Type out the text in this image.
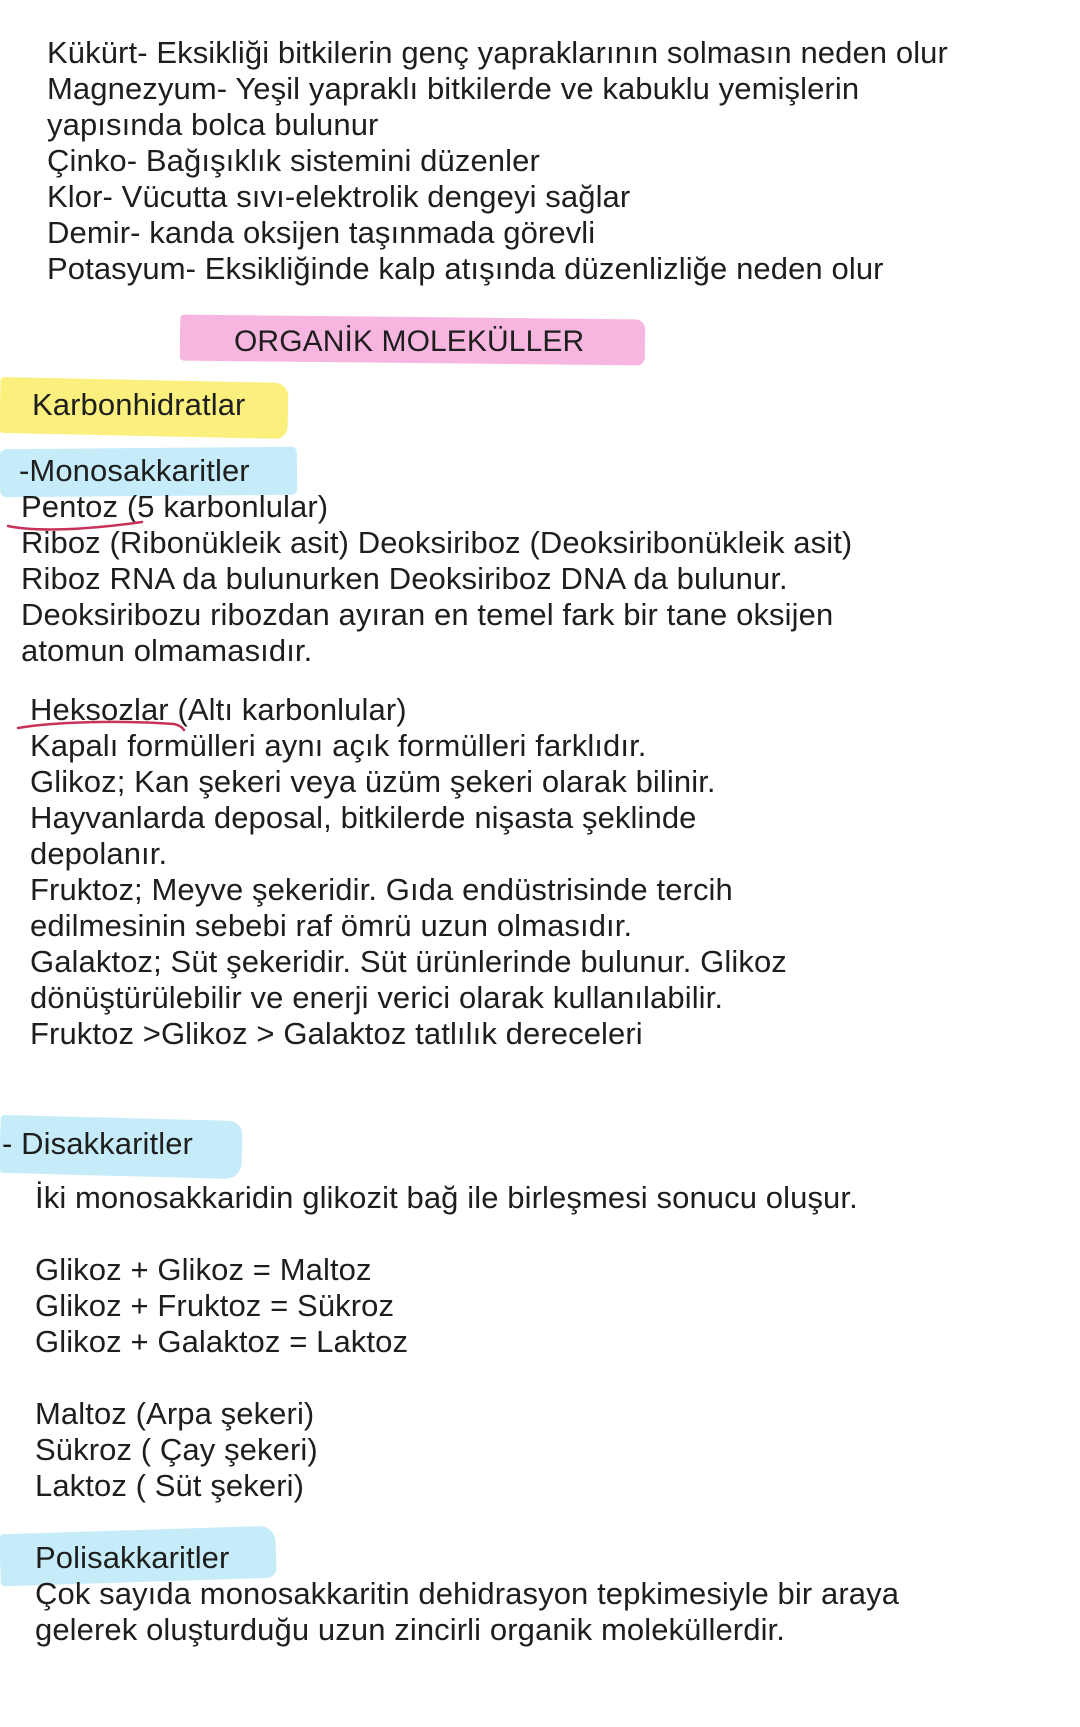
Kükürt- Eksikliği bitkilerin genç yapraklarının solmasın neden olur
Magnezyum- Yeşil yapraklı bitkilerde ve kabuklu yemişlerin
yapısında bolca bulunur
Çinko- Bağışıklık sistemini düzenler
Klor- Vücutta sıvı-elektrolik dengeyi sağlar
Demir- kanda oksijen taşınmada görevli
Potasyum- Eksikliğinde kalp atışında düzenlizliğe neden olur
ORGANİK MOLEKÜLLER
Karbonhidratlar
-Monosakkaritler
Pentoz (5 karbonlular)
Riboz (Ribonükleik asit) Deoksiriboz (Deoksiribonükleik asit)
Riboz RNA da bulunurken Deoksiriboz DNA da bulunur.
Deoksiribozu ribozdan ayıran en temel fark bir tane oksijen
atomun olmamasıdır.
Heksozlar (Altı karbonlular)
Kapalı formülleri aynı açık formülleri farklıdır.
Glikoz; Kan şekeri veya üzüm şekeri olarak bilinir.
Hayvanlarda deposal, bitkilerde nişasta şeklinde
depolanır.
Fruktoz; Meyve şekeridir. Gıda endüstrisinde tercih
edilmesinin sebebi raf ömrü uzun olmasıdır.
Galaktoz; Süt şekeridir. Süt ürünlerinde bulunur. Glikoz
dönüştürülebilir ve enerji verici olarak kullanılabilir.
Fruktoz >Glikoz > Galaktoz tatlılık dereceleri
- Disakkaritler
İki monosakkaridin glikozit bağ ile birleşmesi sonucu oluşur.
Glikoz + Glikoz = Maltoz
Glikoz + Fruktoz = Sükroz
Glikoz + Galaktoz = Laktoz
Maltoz (Arpa şekeri)
Sükroz ( Çay şekeri)
Laktoz ( Süt şekeri)
Polisakkaritler
Çok sayıda monosakkaritin dehidrasyon tepkimesiyle bir araya
gelerek oluşturduğu uzun zincirli organik moleküllerdir.
